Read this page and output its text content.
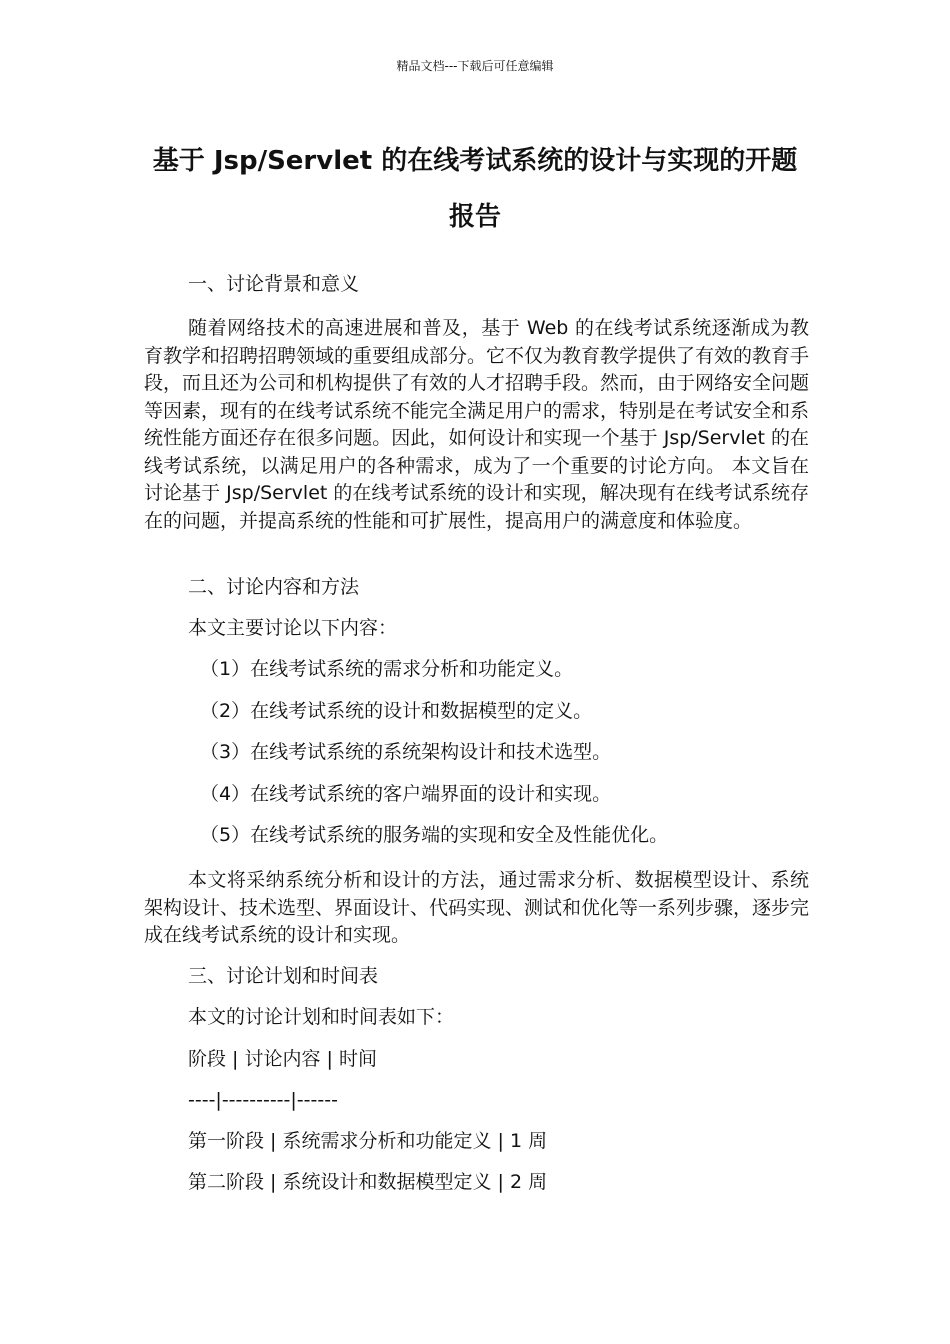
精品文档---下载后可任意编辑
基于 Jsp/Servlet 的在线考试系统的设计与实现的开题报告
一、讨论背景和意义
随着网络技术的高速进展和普及，基于 Web 的在线考试系统逐渐成为教育教学和招聘招聘领域的重要组成部分。它不仅为教育教学提供了有效的教育手段，而且还为公司和机构提供了有效的人才招聘手段。然而，由于网络安全问题等因素，现有的在线考试系统不能完全满足用户的需求，特别是在考试安全和系统性能方面还存在很多问题。因此，如何设计和实现一个基于 Jsp/Servlet 的在线考试系统，以满足用户的各种需求，成为了一个重要的讨论方向。 本文旨在讨论基于 Jsp/Servlet 的在线考试系统的设计和实现，解决现有在线考试系统存在的问题，并提高系统的性能和可扩展性，提高用户的满意度和体验度。
二、讨论内容和方法
本文主要讨论以下内容：
（1）在线考试系统的需求分析和功能定义。
（2）在线考试系统的设计和数据模型的定义。
（3）在线考试系统的系统架构设计和技术选型。
（4）在线考试系统的客户端界面的设计和实现。
（5）在线考试系统的服务端的实现和安全及性能优化。
本文将采纳系统分析和设计的方法，通过需求分析、数据模型设计、系统架构设计、技术选型、界面设计、代码实现、测试和优化等一系列步骤，逐步完成在线考试系统的设计和实现。
三、讨论计划和时间表
本文的讨论计划和时间表如下：
阶段 | 讨论内容 | 时间
----|----------|------
第一阶段 | 系统需求分析和功能定义 | 1 周
第二阶段 | 系统设计和数据模型定义 | 2 周
